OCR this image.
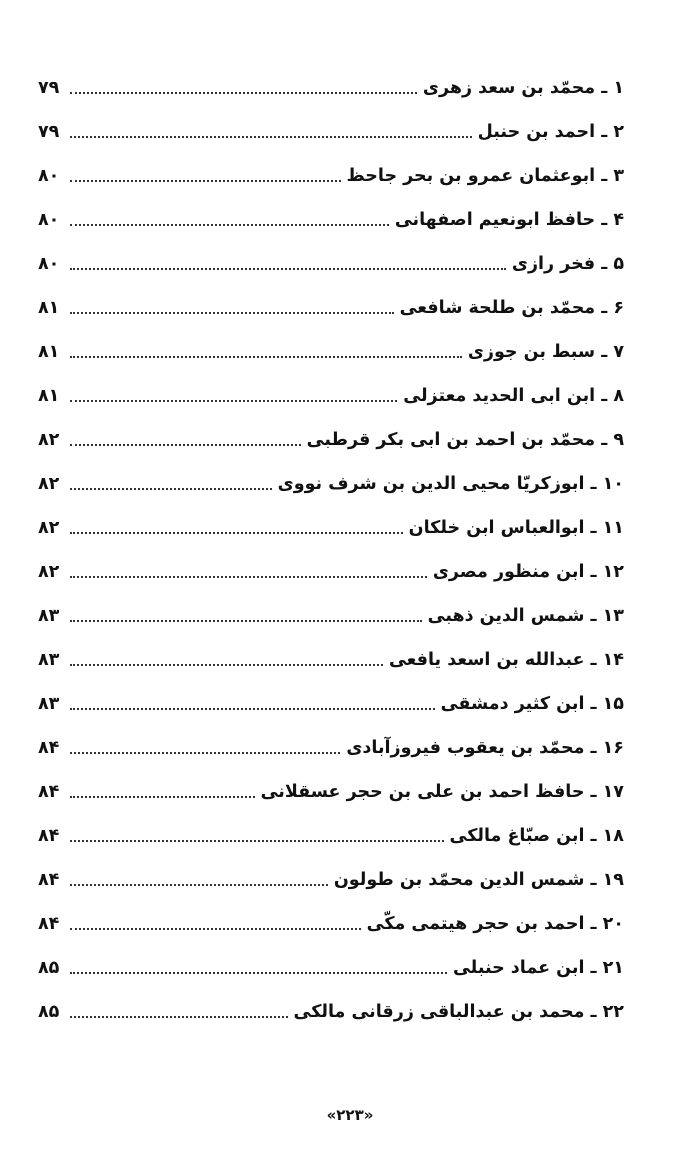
۱ ـ محمّد بن سعد زهری
۷۹
۲ ـ احمد بن حنبل
۷۹
۳ ـ ابوعثمان عمرو بن بحر جاحظ
۸۰
۴ ـ حافظ ابونعیم اصفهانی
۸۰
۵ ـ فخر رازی
۸۰
۶ ـ محمّد بن طلحة شافعی
۸۱
۷ ـ سبط بن جوزی
۸۱
۸ ـ ابن ابی الحدید معتزلی
۸۱
۹ ـ محمّد بن احمد بن ابی بکر قرطبی
۸۲
۱۰ ـ ابوزکریّا محیی الدین بن شرف نووی
۸۲
۱۱ ـ ابوالعباس ابن خلکان
۸۲
۱۲ ـ ابن منظور مصری
۸۲
۱۳ ـ شمس الدین ذهبی
۸۳
۱۴ ـ عبدالله بن اسعد یافعی
۸۳
۱۵ ـ ابن کثیر دمشقی
۸۳
۱۶ ـ محمّد بن یعقوب فیروزآبادی
۸۴
۱۷ ـ حافظ احمد بن علی بن حجر عسقلانی
۸۴
۱۸ ـ ابن صبّاغ مالکی
۸۴
۱۹ ـ شمس الدین محمّد بن طولون
۸۴
۲۰ ـ احمد بن حجر هیتمی مکّی
۸۴
۲۱ ـ ابن عماد حنبلی
۸۵
۲۲ ـ محمد بن عبدالباقی زرقانی مالکی
۸۵
«۲۲۳»
